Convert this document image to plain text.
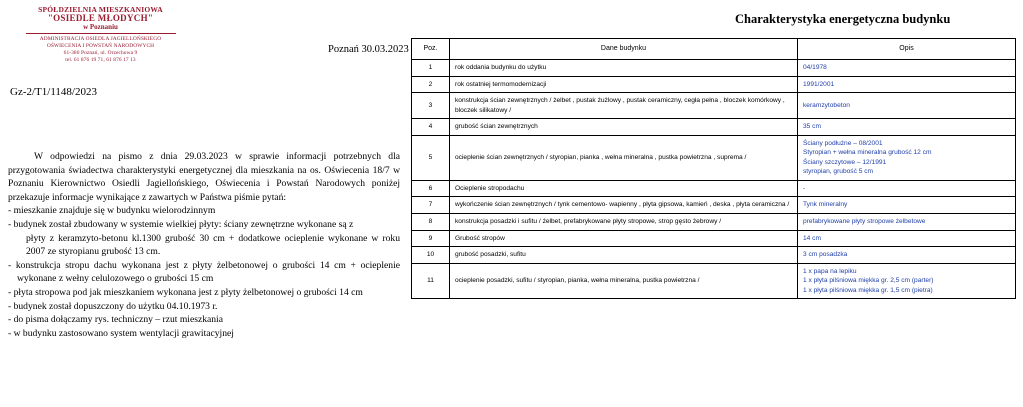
SPÓŁDZIELNIA MIESZKANIOWA
"OSIEDLE MŁODYCH"
w Poznaniu
ADMINISTRACJA OSIEDLA JAGIELLOŃSKIEGO
OŚWIECENIA I POWSTAŃ NARODOWYCH
61-380 Poznań, ul. Orzechowa 9
tel. 61 876 19 71, 61 876 17 13
Gz-2/T1/1148/2023
Poznań 30.03.2023
Charakterystyka energetyczna budynku

W odpowiedzi na pismo z dnia 29.03.2023 w sprawie informacji potrzebnych dla przygotowania świadectwa charakterystyki energetycznej dla mieszkania na os. Oświecenia 18/7 w Poznaniu Kierownictwo Osiedli Jagiellońskiego, Oświecenia i Powstań Narodowych poniżej przekazuje informacje wynikające z zawartych w Państwa piśmie pytań:

- mieszkanie znajduje się w budynku wielorodzinnym

- budynek został zbudowany w systemie wielkiej płyty: ściany zewnętrzne wykonane są z

płyty z keramzyto-betonu kl.1300 grubość 30 cm + dodatkowe ocieplenie wykonane w roku 2007 ze styropianu grubość 13 cm.

- konstrukcja stropu dachu wykonana jest z płyty żelbetonowej o grubości 14 cm + ocieplenie wykonane z wełny celulozowego o grubości 15 cm

- płyta stropowa pod jak mieszkaniem wykonana jest z płyty żelbetonowej o grubości 14 cm

- budynek został dopuszczony do użytku 04.10.1973 r.

- do pisma dołączamy rys. techniczny – rzut mieszkania

- w budynku zastosowano system wentylacji grawitacyjnej

Poz.	Dane budynku	Opis
1	rok oddania budynku do użytku	04/1978

2	rok ostatniej termomodernizacji	1991/2001

3	konstrukcja ścian zewnętrznych / żelbet , pustak żużlowy , pustak ceramiczny, cegła pełna , bloczek komórkowy , bloczek silikatowy /	keramzytobeton

4	grubość ścian zewnętrznych	35 cm

5	ocieplenie ścian zewnętrznych / styropian, pianka , wełna mineralna , pustka powietrzna , suprema /	Ściany podłużne – 08/2001
Styropian + wełna mineralna grubość 12 cm
Ściany szczytowe – 12/1991
styropian, grubość 5 cm

6	Ocieplenie stropodachu	-

7	wykończenie ścian zewnętrznych / tynk cementowo- wapienny , płyta gipsowa, kamień , deska , płyta ceramiczna /	Tynk mineralny

8	konstrukcja posadzki i sufitu / żelbet, prefabrykowane płyty stropowe, strop gęsto żebrowy /	prefabrykowane płyty stropowe żelbetowe

9	Grubość stropów	14 cm

10	grubość posadzki, sufitu	3 cm posadzka

11	ocieplenie posadzki, sufitu / styropian, pianka, wełna mineralna, pustka powietrzna /	1 x papa na lepiku
1 x płyta pilśniowa miękka gr. 2,5 cm (parter)
1 x płyta pilśniowa miękka gr. 1,5 cm (pietra)
